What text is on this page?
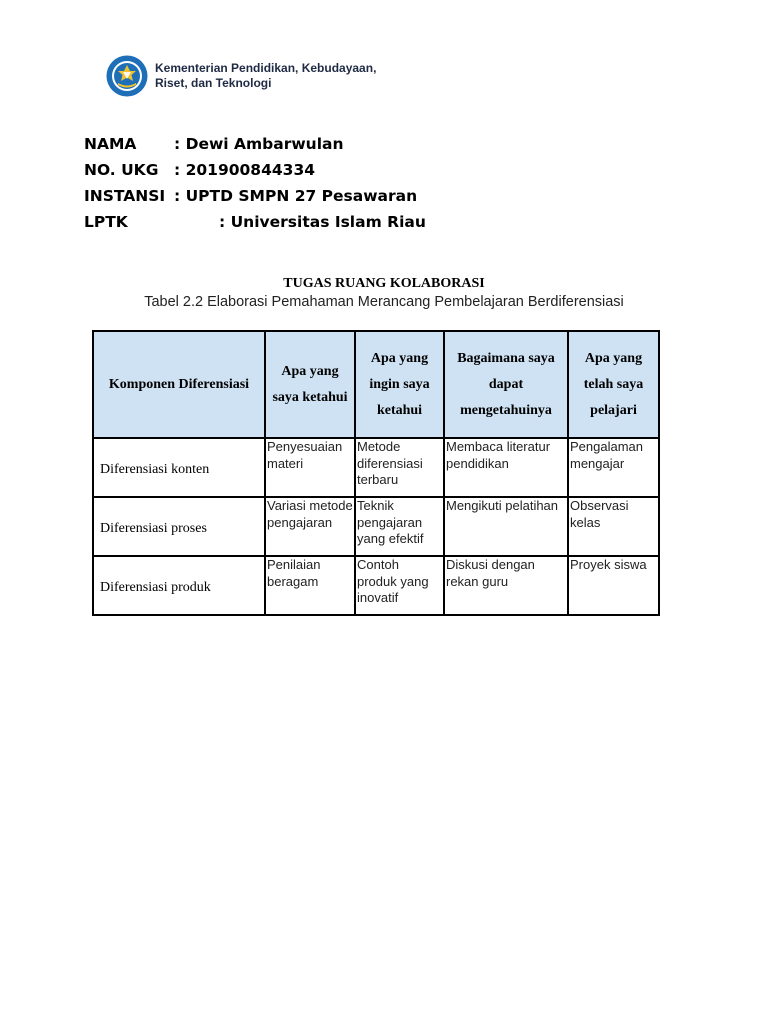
Kementerian Pendidikan, Kebudayaan,
Riset, dan Teknologi
NAMA : Dewi Ambarwulan
NO. UKG : 201900844334
INSTANSI : UPTD SMPN 27 Pesawaran
LPTK	: Universitas Islam Riau
TUGAS RUANG KOLABORASI
Tabel 2.2 Elaborasi Pemahaman Merancang Pembelajaran Berdiferensiasi
Komponen Diferensiasi	Apa yang saya ketahui	Apa yang ingin saya ketahui	Bagaimana saya dapat mengetahuinya	Apa yang telah saya pelajari
Diferensiasi konten	Penyesuaian materi	Metode diferensiasi terbaru	Membaca literatur pendidikan	Pengalaman mengajar
Diferensiasi proses	Variasi metode pengajaran	Teknik pengajaran yang efektif	Mengikuti pelatihan	Observasi kelas
Diferensiasi produk	Penilaian beragam	Contoh produk yang inovatif	Diskusi dengan rekan guru	Proyek siswa
